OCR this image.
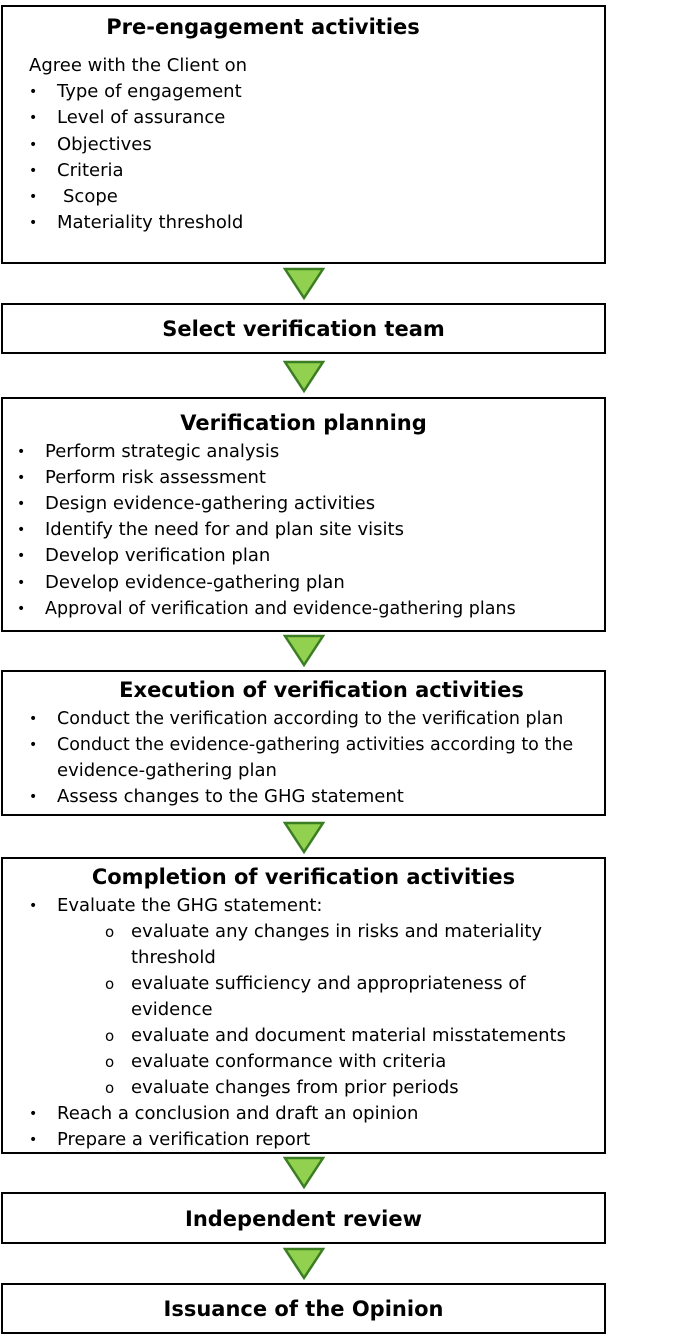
Pre-engagement activities
Agree with the Client on
• Type of engagement
• Level of assurance
• Objectives
• Criteria
• Scope
• Materiality threshold
Select verification team
Verification planning
• Perform strategic analysis
• Perform risk assessment
• Design evidence-gathering activities
• Identify the need for and plan site visits
• Develop verification plan
• Develop evidence-gathering plan
• Approval of verification and evidence-gathering plans
Execution of verification activities
• Conduct the verification according to the verification plan
• Conduct the evidence-gathering activities according to the
evidence-gathering plan
• Assess changes to the GHG statement
Completion of verification activities
• Evaluate the GHG statement:
o evaluate any changes in risks and materiality
threshold
o evaluate sufficiency and appropriateness of
evidence
o evaluate and document material misstatements
o evaluate conformance with criteria
o evaluate changes from prior periods
• Reach a conclusion and draft an opinion
• Prepare a verification report
Independent review
Issuance of the Opinion
